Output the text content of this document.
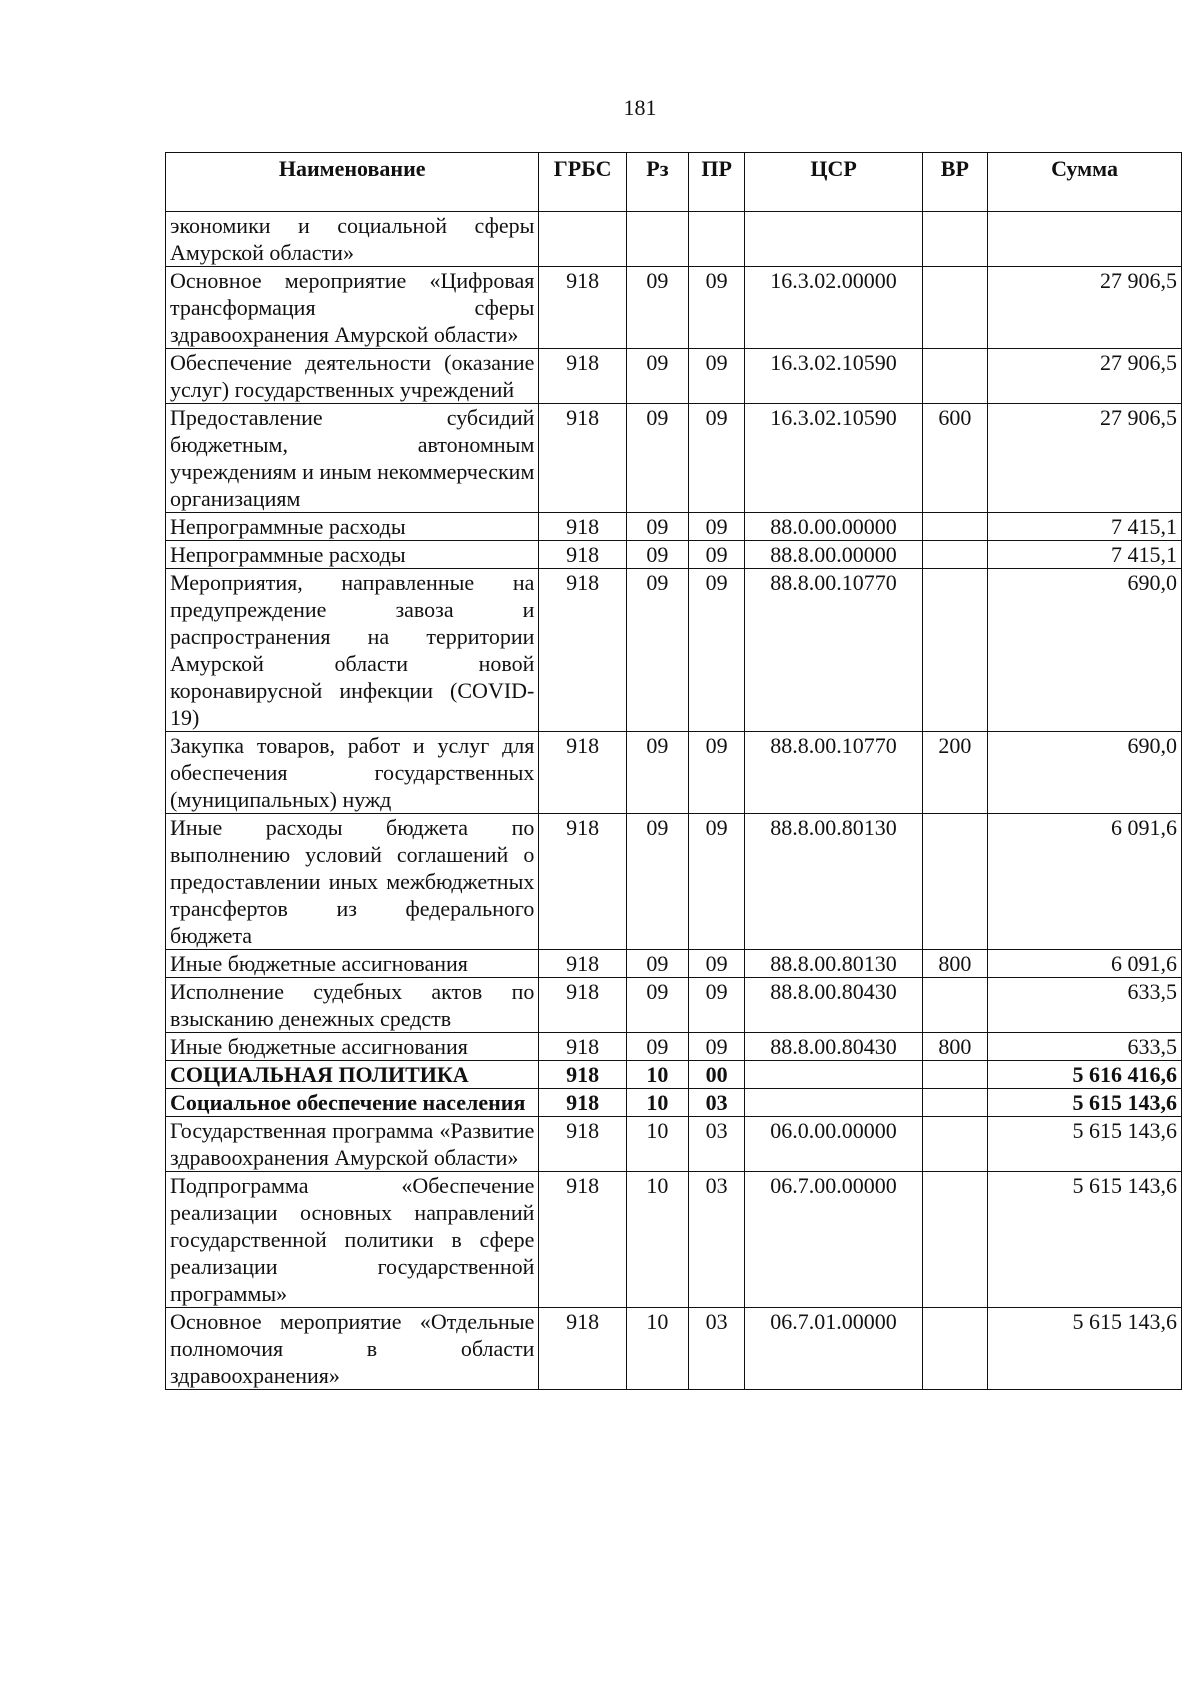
181
Наименование	ГРБС	Рз	ПР	ЦСР	ВР	Сумма
экономики и социальной сферы Амурской области»						
Основное мероприятие «Цифровая трансформация сферы здравоохранения Амурской области»	918	09	09	16.3.02.00000		27 906,5
Обеспечение деятельности (оказание услуг) государственных учреждений	918	09	09	16.3.02.10590		27 906,5
Предоставление субсидий бюджетным, автономным учреждениям и иным некоммерческим организациям	918	09	09	16.3.02.10590	600	27 906,5
Непрограммные расходы	918	09	09	88.0.00.00000		7 415,1
Непрограммные расходы	918	09	09	88.8.00.00000		7 415,1
Мероприятия, направленные на предупреждение завоза и распространения на территории Амурской области новой коронавирусной инфекции (COVID-19)	918	09	09	88.8.00.10770		690,0
Закупка товаров, работ и услуг для обеспечения государственных (муниципальных) нужд	918	09	09	88.8.00.10770	200	690,0
Иные расходы бюджета по выполнению условий соглашений о предоставлении иных межбюджетных трансфертов из федерального бюджета	918	09	09	88.8.00.80130		6 091,6
Иные бюджетные ассигнования	918	09	09	88.8.00.80130	800	6 091,6
Исполнение судебных актов по взысканию денежных средств	918	09	09	88.8.00.80430		633,5
Иные бюджетные ассигнования	918	09	09	88.8.00.80430	800	633,5
СОЦИАЛЬНАЯ ПОЛИТИКА	918	10	00			5 616 416,6
Социальное обеспечение населения	918	10	03			5 615 143,6
Государственная программа «Развитие здравоохранения Амурской области»	918	10	03	06.0.00.00000		5 615 143,6
Подпрограмма «Обеспечение реализации основных направлений государственной политики в сфере реализации государственной программы»	918	10	03	06.7.00.00000		5 615 143,6
Основное мероприятие «Отдельные полномочия в области здравоохранения»	918	10	03	06.7.01.00000		5 615 143,6
